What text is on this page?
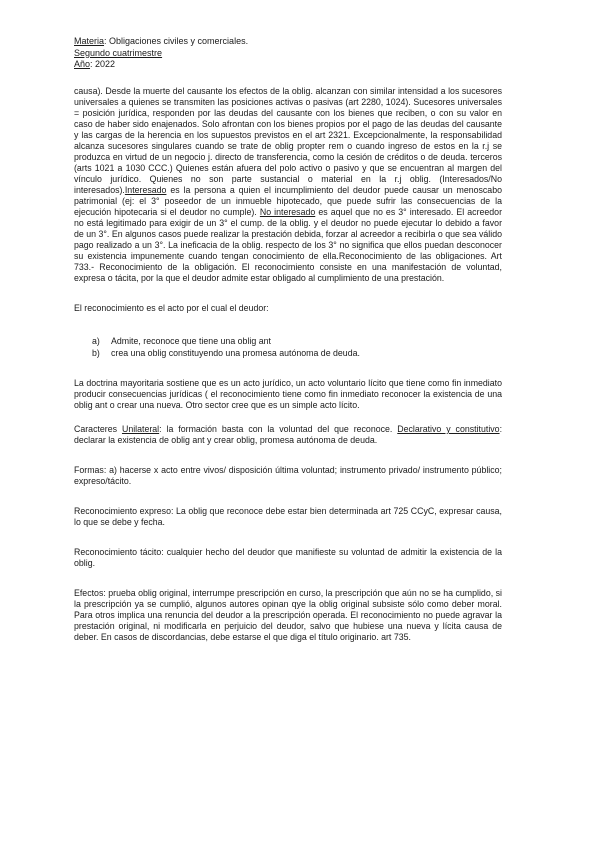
Materia: Obligaciones civiles y comerciales.
Segundo cuatrimestre
Año: 2022

causa). Desde la muerte del causante los efectos de la oblig. alcanzan con similar intensidad a los sucesores universales a quienes se transmiten las posiciones activas o pasivas (art 2280, 1024). Sucesores universales = posición jurídica, responden por las deudas del causante con los bienes que reciben, o con su valor en caso de haber sido enajenados. Solo afrontan con los bienes propios por el pago de las deudas del causante y las cargas de la herencia en los supuestos previstos en el art 2321. Excepcionalmente, la responsabilidad alcanza sucesores singulares cuando se trate de oblig propter rem o cuando ingreso de estos en la r.j se produzca en virtud de un negocio j. directo de transferencia, como la cesión de créditos o de deuda. terceros (arts 1021 a 1030 CCC.) Quienes están afuera del polo activo o pasivo y que se encuentran al margen del vínculo jurídico. Quienes no son parte sustancial o material en la r.j oblig. (Interesados/No interesados).Interesado es la persona a quien el incumplimiento del deudor puede causar un menoscabo patrimonial (ej: el 3° poseedor de un inmueble hipotecado, que puede sufrir las consecuencias de la ejecución hipotecaria si el deudor no cumple). No interesado es aquel que no es 3° interesado. El acreedor no está legitimado para exigir de un 3° el cump. de la oblig. y el deudor no puede ejecutar lo debido a favor de un 3°. En algunos casos puede realizar la prestación debida, forzar al acreedor a recibirla o que sea válido pago realizado a un 3°. La ineficacia de la oblig. respecto de los 3° no significa que ellos puedan desconocer su existencia impunemente cuando tengan conocimiento de ella.Reconocimiento de las obligaciones. Art 733.- Reconocimiento de la obligación. El reconocimiento consiste en una manifestación de voluntad, expresa o tácita, por la que el deudor admite estar obligado al cumplimiento de una prestación.

El reconocimiento es el acto por el cual el deudor:

a)	Admite, reconoce que tiene una oblig ant
b)	crea una oblig constituyendo una promesa autónoma de deuda.

La doctrina mayoritaria sostiene que es un acto jurídico, un acto voluntario lícito que tiene como fin inmediato producir consecuencias jurídicas ( el reconocimiento tiene como fin inmediato reconocer la existencia de una oblig ant o crear una nueva. Otro sector cree que es un simple acto lícito.

Caracteres Unilateral: la formación basta con la voluntad del que reconoce. Declarativo y constitutivo: declarar la existencia de oblig ant y crear oblig, promesa autónoma de deuda.

Formas: a) hacerse x acto entre vivos/ disposición última voluntad; instrumento privado/ instrumento público; expreso/tácito.

Reconocimiento expreso: La oblig que reconoce debe estar bien determinada art 725 CCyC, expresar causa, lo que se debe y fecha.

Reconocimiento tácito: cualquier hecho del deudor que manifieste su voluntad de admitir la existencia de la oblig.

Efectos: prueba oblig original, interrumpe prescripción en curso, la prescripción que aún no se ha cumplido, si la prescripción ya se cumplió, algunos autores opinan qye la oblig original subsiste sólo como deber moral. Para otros implica una renuncia del deudor a la prescripción operada. El reconocimiento no puede agravar la prestación original, ni modificarla en perjuicio del deudor, salvo que hubiese una nueva y lícita causa de deber. En casos de discordancias, debe estarse el que diga el título originario. art 735.
